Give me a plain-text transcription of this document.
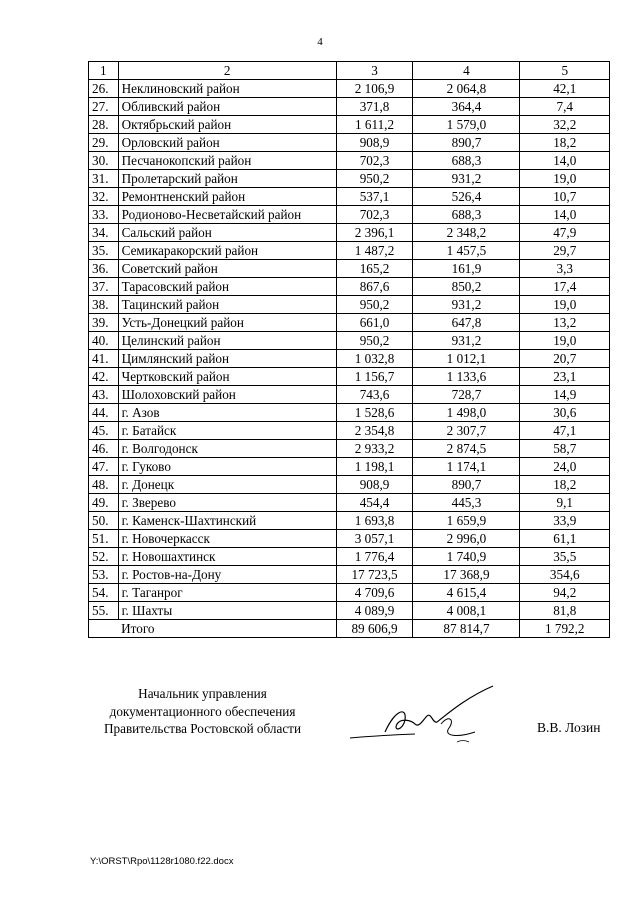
4
1	2	3	4	5
26.	Неклиновский район	2 106,9	2 064,8	42,1
27.	Обливский район	371,8	364,4	7,4
28.	Октябрьский район	1 611,2	1 579,0	32,2
29.	Орловский район	908,9	890,7	18,2
30.	Песчанокопский район	702,3	688,3	14,0
31.	Пролетарский район	950,2	931,2	19,0
32.	Ремонтненский район	537,1	526,4	10,7
33.	Родионово-Несветайский район	702,3	688,3	14,0
34.	Сальский район	2 396,1	2 348,2	47,9
35.	Семикаракорский район	1 487,2	1 457,5	29,7
36.	Советский район	165,2	161,9	3,3
37.	Тарасовский район	867,6	850,2	17,4
38.	Тацинский район	950,2	931,2	19,0
39.	Усть-Донецкий район	661,0	647,8	13,2
40.	Целинский район	950,2	931,2	19,0
41.	Цимлянский район	1 032,8	1 012,1	20,7
42.	Чертковский район	1 156,7	1 133,6	23,1
43.	Шолоховский район	743,6	728,7	14,9
44.	г. Азов	1 528,6	1 498,0	30,6
45.	г. Батайск	2 354,8	2 307,7	47,1
46.	г. Волгодонск	2 933,2	2 874,5	58,7
47.	г. Гуково	1 198,1	1 174,1	24,0
48.	г. Донецк	908,9	890,7	18,2
49.	г. Зверево	454,4	445,3	9,1
50.	г. Каменск-Шахтинский	1 693,8	1 659,9	33,9
51.	г. Новочеркасск	3 057,1	2 996,0	61,1
52.	г. Новошахтинск	1 776,4	1 740,9	35,5
53.	г. Ростов-на-Дону	17 723,5	17 368,9	354,6
54.	г. Таганрог	4 709,6	4 615,4	94,2
55.	г. Шахты	4 089,9	4 008,1	81,8
	Итого	89 606,9	87 814,7	1 792,2
Начальник управления
документационного обеспечения
Правительства Ростовской области	В.В. Лозин
Y:\ORST\Rpo\1128r1080.f22.docx
